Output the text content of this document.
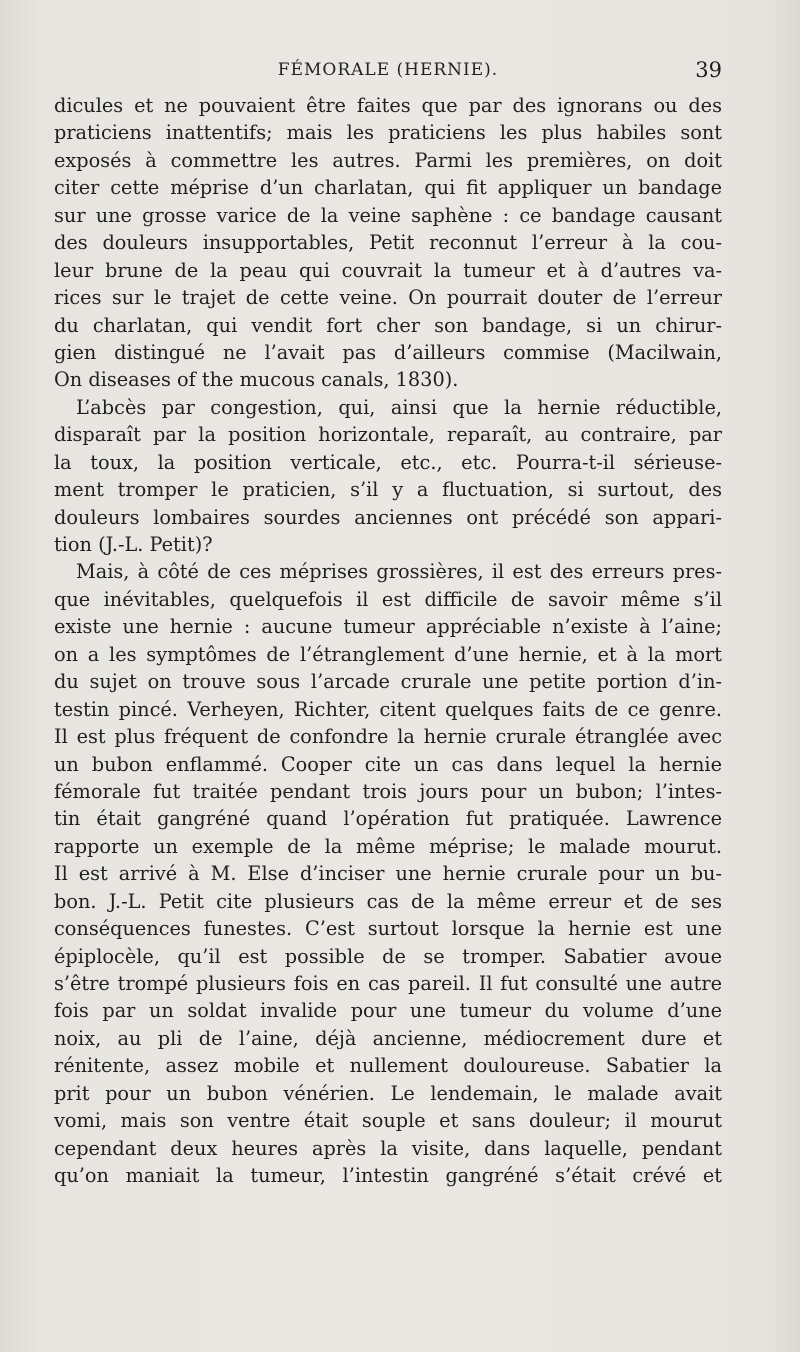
FÉMORALE (HERNIE).	39
dicules et ne pouvaient être faites que par des ignorans ou des
praticiens inattentifs; mais les praticiens les plus habiles sont
exposés à commettre les autres. Parmi les premières, on doit
citer cette méprise d’un charlatan, qui fit appliquer un bandage
sur une grosse varice de la veine saphène : ce bandage causant
des douleurs insupportables, Petit reconnut l’erreur à la cou-
leur brune de la peau qui couvrait la tumeur et à d’autres va-
rices sur le trajet de cette veine. On pourrait douter de l’erreur
du charlatan, qui vendit fort cher son bandage, si un chirur-
gien distingué ne l’avait pas d’ailleurs commise (Macilwain,
On diseases of the mucous canals, 1830).
L’abcès par congestion, qui, ainsi que la hernie réductible,
disparaît par la position horizontale, reparaît, au contraire, par
la toux, la position verticale, etc., etc. Pourra-t-il sérieuse-
ment tromper le praticien, s’il y a fluctuation, si surtout, des
douleurs lombaires sourdes anciennes ont précédé son appari-
tion (J.-L. Petit)?
Mais, à côté de ces méprises grossières, il est des erreurs pres-
que inévitables, quelquefois il est difficile de savoir même s’il
existe une hernie : aucune tumeur appréciable n’existe à l’aine;
on a les symptômes de l’étranglement d’une hernie, et à la mort
du sujet on trouve sous l’arcade crurale une petite portion d’in-
testin pincé. Verheyen, Richter, citent quelques faits de ce genre.
Il est plus fréquent de confondre la hernie crurale étranglée avec
un bubon enflammé. Cooper cite un cas dans lequel la hernie
fémorale fut traitée pendant trois jours pour un bubon; l’intes-
tin était gangréné quand l’opération fut pratiquée. Lawrence
rapporte un exemple de la même méprise; le malade mourut.
Il est arrivé à M. Else d’inciser une hernie crurale pour un bu-
bon. J.-L. Petit cite plusieurs cas de la même erreur et de ses
conséquences funestes. C’est surtout lorsque la hernie est une
épiplocèle, qu’il est possible de se tromper. Sabatier avoue
s’être trompé plusieurs fois en cas pareil. Il fut consulté une autre
fois par un soldat invalide pour une tumeur du volume d’une
noix, au pli de l’aine, déjà ancienne, médiocrement dure et
rénitente, assez mobile et nullement douloureuse. Sabatier la
prit pour un bubon vénérien. Le lendemain, le malade avait
vomi, mais son ventre était souple et sans douleur; il mourut
cependant deux heures après la visite, dans laquelle, pendant
qu’on maniait la tumeur, l’intestin gangréné s’était crévé et
